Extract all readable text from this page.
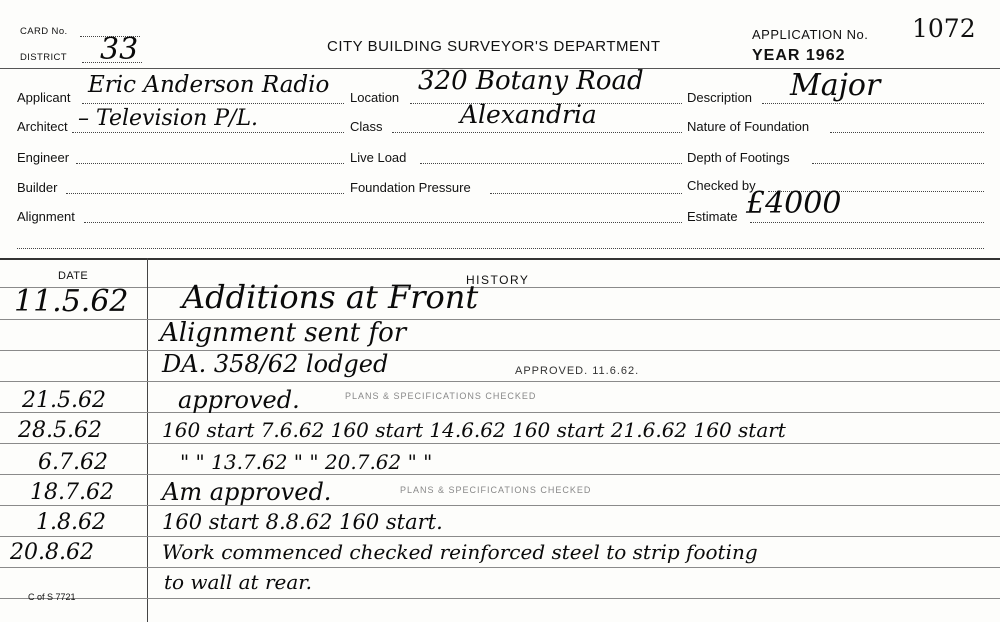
CARD No.
DISTRICT 33	CITY BUILDING SURVEYOR'S DEPARTMENT
APPLICATION No. 1072
YEAR 1962
Applicant Eric Anderson Radio
Architect – Television P/L.
Engineer
Builder
Alignment
Location
320 Botany Road
Class	Alexandria
Live Load
Foundation Pressure
Description Major
Nature of Foundation
Depth of Footings
Checked by
Estimate £4000
DATE	HISTORY
11.5.62 Additions at Front
Alignment sent for
DA. 358/62 lodged	APPROVED. 11.6.62.
21.5.62	approved.	PLANS & SPECIFICATIONS CHECKED
28.5.62	160 start 7.6.62 160 start 14.6.62 160 start 21.6.62 160 start
6.7.62	" " 13.7.62 " " 20.7.62 " "
18.7.62 Am approved.	PLANS & SPECIFICATIONS CHECKED
1.8.62	160 start 8.8.62 160 start.
20.8.62	Work commenced checked reinforced steel to strip footing
to wall at rear.
C of S 7721
